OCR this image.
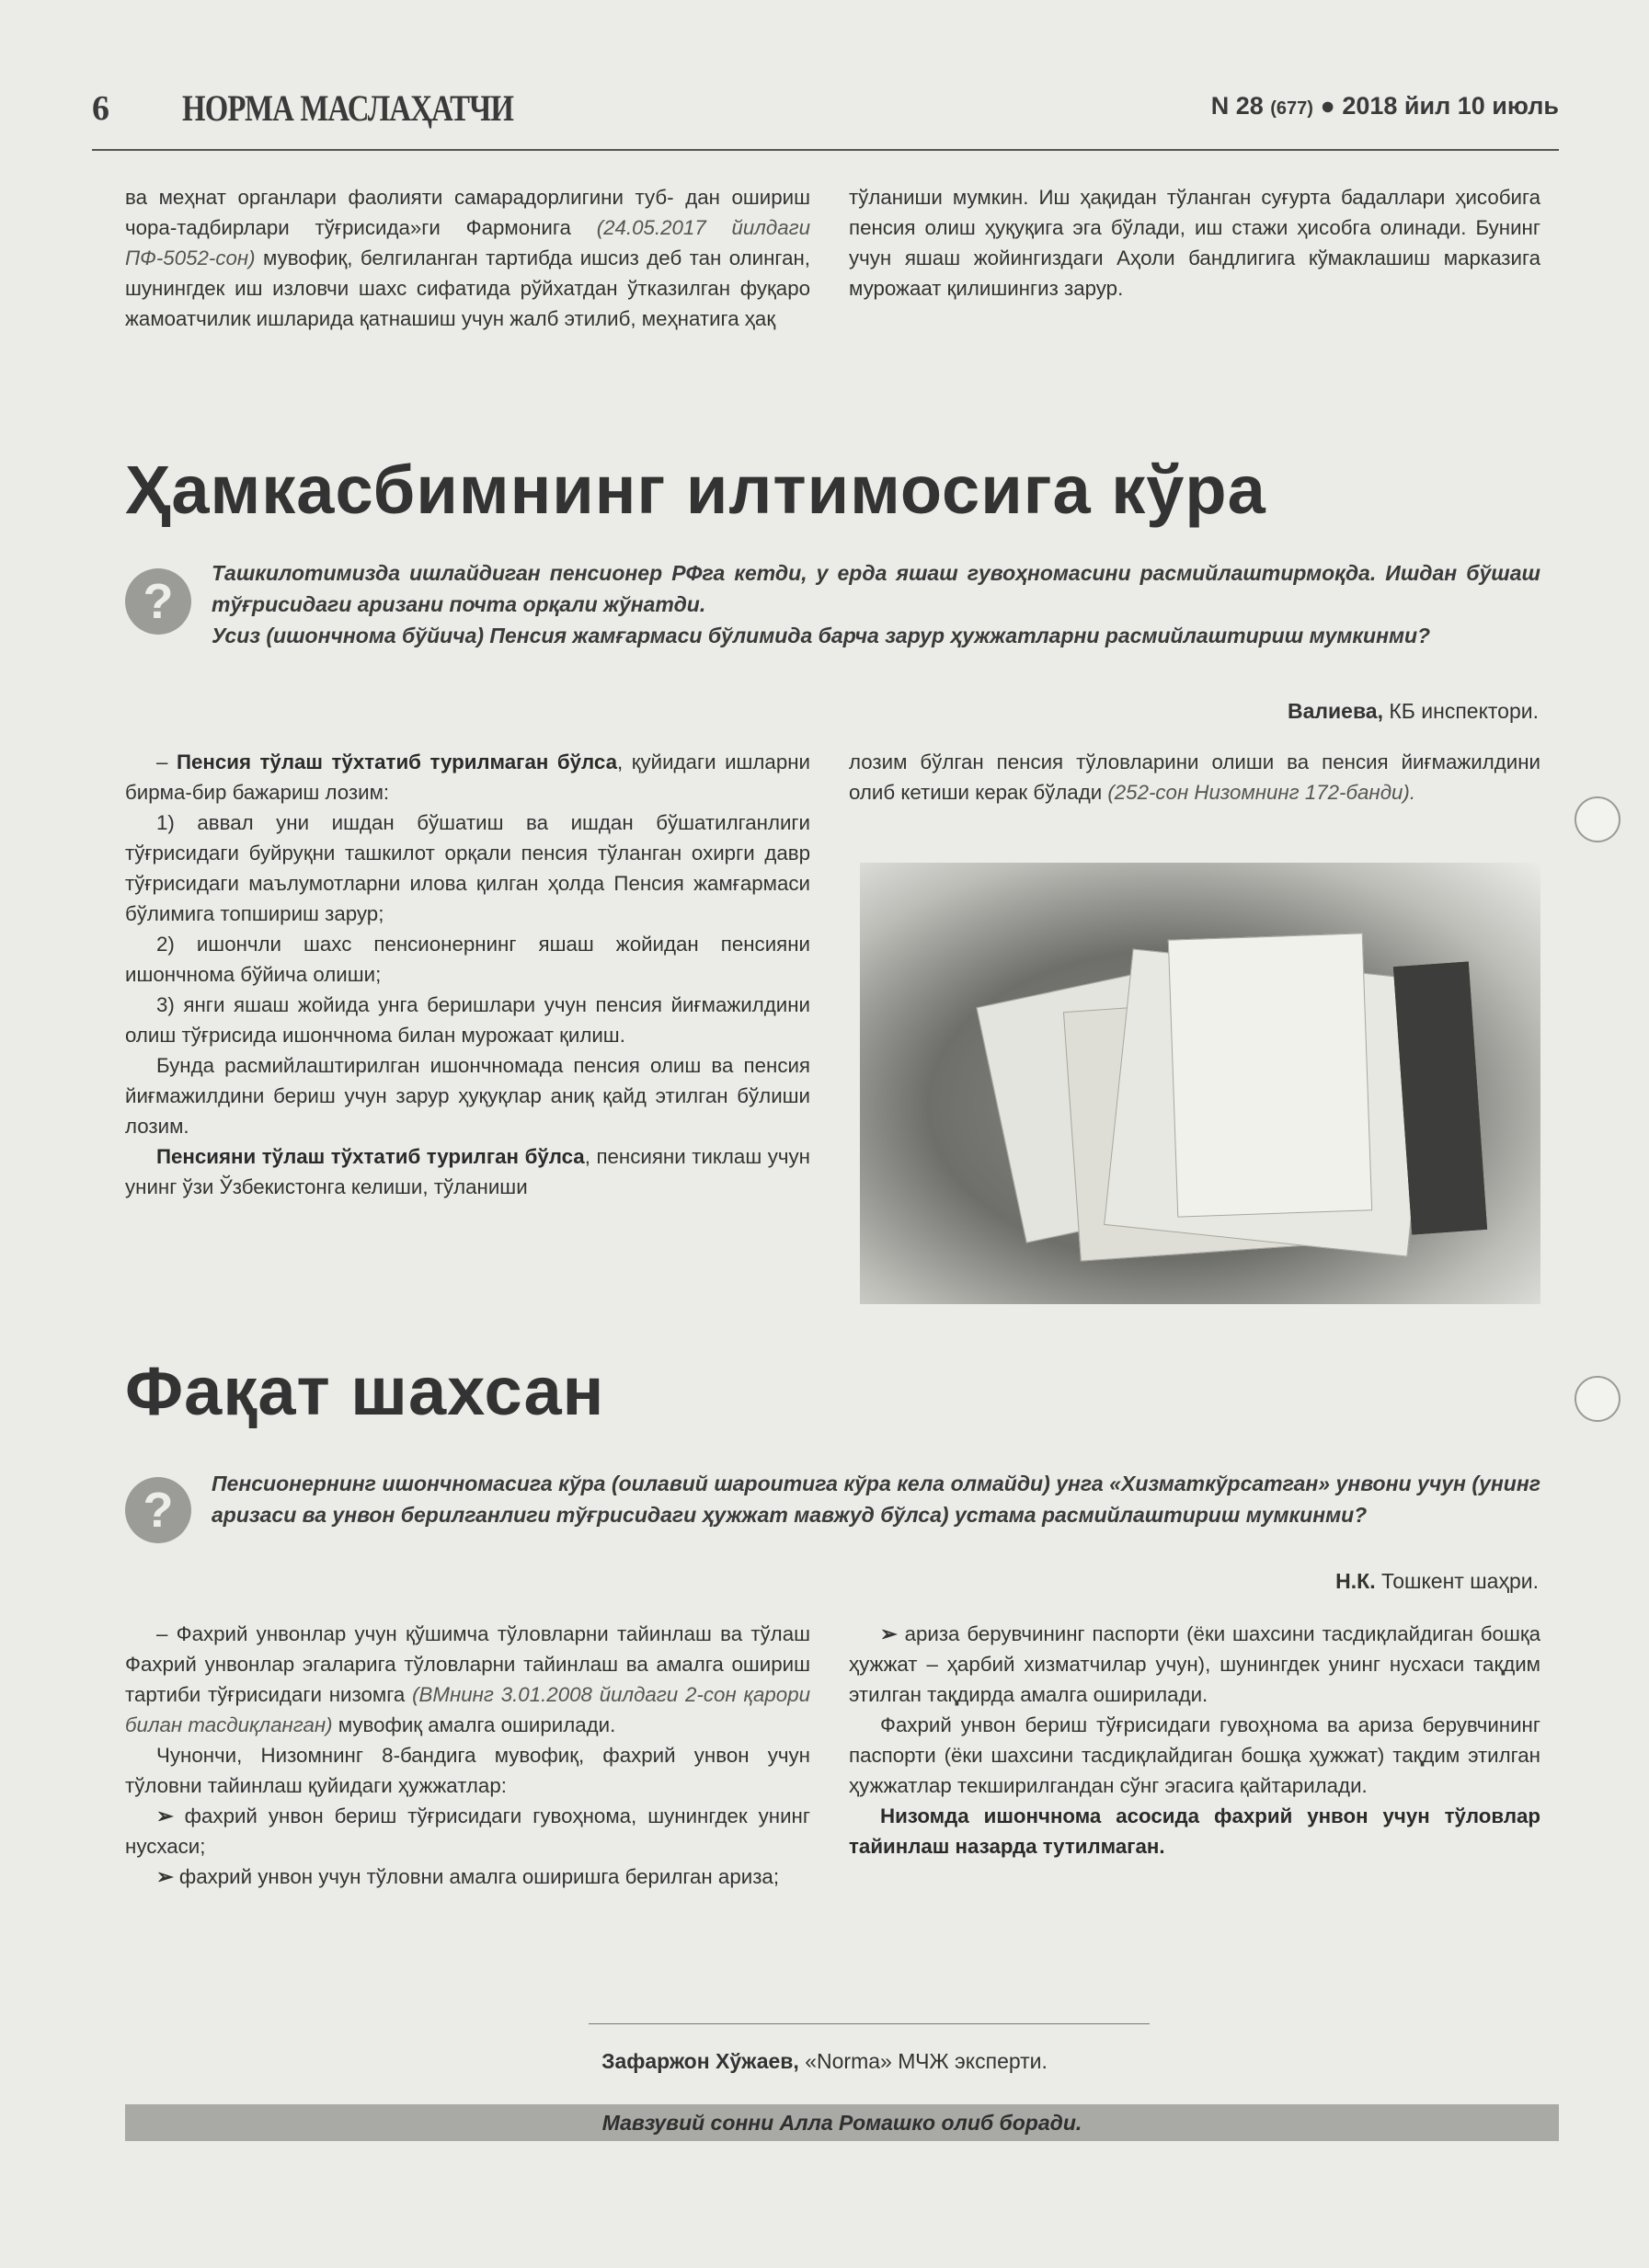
6 НОРМА МАСЛАҲАТЧИ	N 28 (677) ● 2018 йил 10 июль

ва меҳнат органлари фаолияти самарадорлигини туб- дан ошириш чора-тадбирлари тўғрисида»ги Фармонига (24.05.2017 йилдаги ПФ-5052-сон) мувофиқ, белгиланган тартибда ишсиз деб тан олинган, шунингдек иш изловчи шахс сифатида рўйхатдан ўтказилган фуқаро жамоатчилик ишларида қатнашиш учун жалб этилиб, меҳнатига ҳақ

тўланиши мумкин. Иш ҳақидан тўланган суғурта бадаллари ҳисобига пенсия олиш ҳуқуқига эга бўлади, иш стажи ҳисобга олинади. Бунинг учун яшаш жойингиздаги Аҳоли бандлигига кўмаклашиш марказига мурожаат қилишингиз зарур.

Ҳамкасбимнинг илтимосига кўра
?

Ташкилотимизда ишлайдиган пенсионер РФга кетди, у ерда яшаш гувоҳномасини расмийлаштирмоқда. Ишдан бўшаш тўғрисидаги аризани почта орқали жўнатди.

Усиз (ишончнома бўйича) Пенсия жамғармаси бўлимида барча зарур ҳужжатларни расмийлаштириш мумкинми?

Валиева, КБ инспектори.

– Пенсия тўлаш тўхтатиб турилмаган бўлса, қуйидаги ишларни бирма-бир бажариш лозим:

1) аввал уни ишдан бўшатиш ва ишдан бўшатилганлиги тўғрисидаги буйруқни ташкилот орқали пенсия тўланган охирги давр тўғрисидаги маълумотларни илова қилган ҳолда Пенсия жамғармаси бўлимига топшириш зарур;

2) ишончли шахс пенсионернинг яшаш жойидан пенсияни ишончнома бўйича олиши;

3) янги яшаш жойида унга беришлари учун пенсия йиғмажилдини олиш тўғрисида ишончнома билан мурожаат қилиш.

Бунда расмийлаштирилган ишончномада пенсия олиш ва пенсия йиғмажилдини бериш учун зарур ҳуқуқлар аниқ қайд этилган бўлиши лозим.

Пенсияни тўлаш тўхтатиб турилган бўлса, пенсияни тиклаш учун унинг ўзи Ўзбекистонга келиши, тўланиши

лозим бўлган пенсия тўловларини олиши ва пенсия йиғмажилдини олиб кетиши керак бўлади (252-сон Низомнинг 172-банди).

Фақат шахсан
?	Пенсионернинг ишончномасига кўра (оилавий шароитига кўра кела олмайди) унга «Хизматкўрсатган» унвони учун (унинг аризаси ва унвон берилганлиги тўғрисидаги ҳужжат мавжуд бўлса) устама расмийлаштириш мумкинми?
Н.К. Тошкент шаҳри.

– Фахрий унвонлар учун қўшимча тўловларни тайинлаш ва тўлаш Фахрий унвонлар эгаларига тўловларни тайинлаш ва амалга ошириш тартиби тўғрисидаги низомга (ВМнинг 3.01.2008 йилдаги 2-сон қарори билан тасдиқланган) мувофиқ амалга оширилади.

Чунончи, Низомнинг 8-бандига мувофиқ, фахрий унвон учун тўловни тайинлаш қуйидаги ҳужжатлар:

➢ фахрий унвон бериш тўғрисидаги гувоҳнома, шунингдек унинг нусхаси;

➢ фахрий унвон учун тўловни амалга оширишга берилган ариза;

➢ ариза берувчининг паспорти (ёки шахсини тасдиқлайдиган бошқа ҳужжат – ҳарбий хизматчилар учун), шунингдек унинг нусхаси тақдим этилган тақдирда амалга оширилади.

Фахрий унвон бериш тўғрисидаги гувоҳнома ва ариза берувчининг паспорти (ёки шахсини тасдиқлайдиган бошқа ҳужжат) тақдим этилган ҳужжатлар текширилгандан сўнг эгасига қайтарилади.

Низомда ишончнома асосида фахрий унвон учун тўловлар тайинлаш назарда тутилмаган.

Зафаржон Хўжаев, «Norma» МЧЖ эксперти.
Мавзувий сонни Алла Ромашко олиб боради.
